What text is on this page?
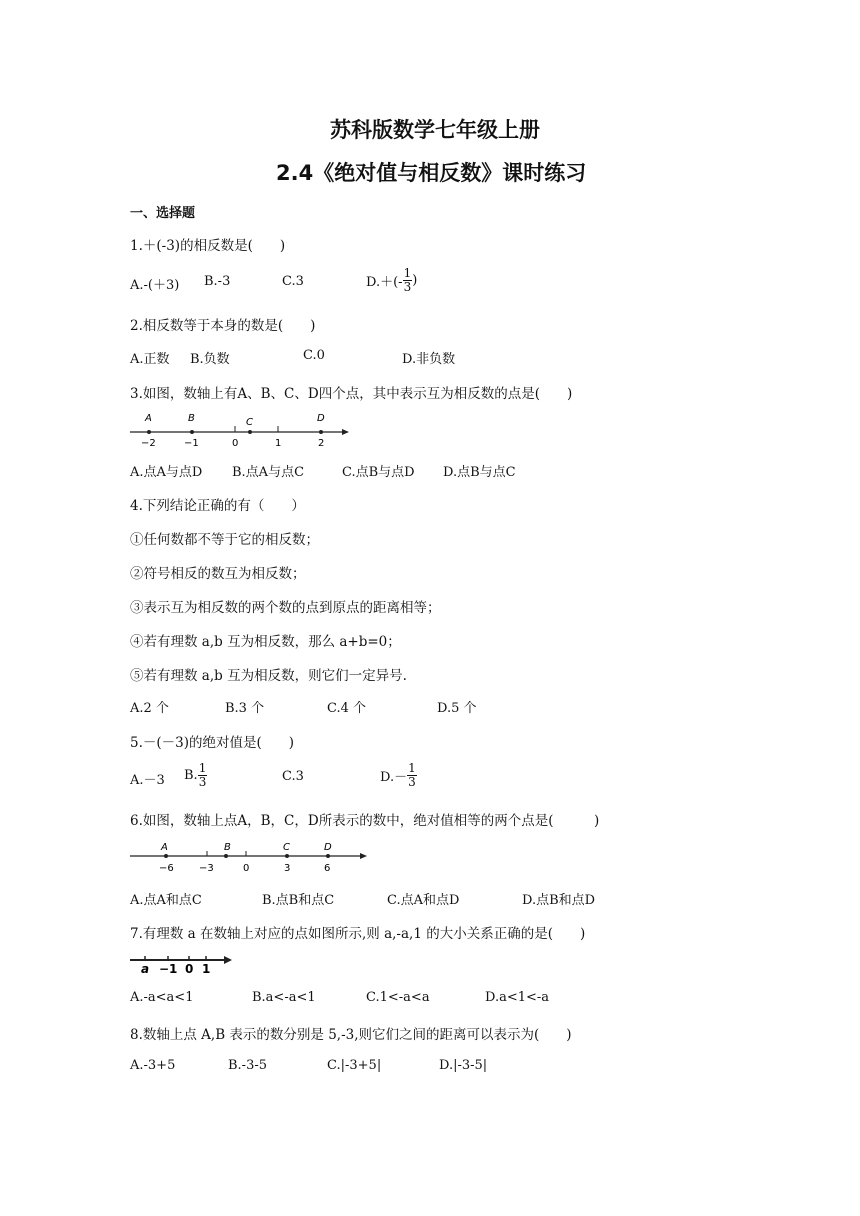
苏科版数学七年级上册
2.4《绝对值与相反数》课时练习
一、选择题
1.＋(-3)的相反数是(　　)
A.-(＋3) B.-3	C.3	$D.+(- \frac{1}{3}$ )
2.相反数等于本身的数是(　　)
A.正数 B.负数	C.0	D.非负数
3.如图，数轴上有A、B、C、D四个点，其中表示互为相反数的点是(　　)
A	B	C	D
−2	−1	0	1	2
A.点A与点D B.点A与点C	C.点B与点D D.点B与点C
4.下列结论正确的有（　　）
①任何数都不等于它的相反数；
②符号相反的数互为相反数；
③表示互为相反数的两个数的点到原点的距离相等；
④若有理数 a,b 互为相反数，那么 a+b=0；
⑤若有理数 a,b 互为相反数，则它们一定异号.
A.2 个	B.3 个	C.4 个	D.5 个
5.－(－3)的绝对值是(　　)
A.－3 B. $\frac{1}{3}$	C.3	$D.- \frac{1}{3}$
6.如图，数轴上点A，B，C，D所表示的数中，绝对值相等的两个点是(　　　)
A	B	C	D
−6	−3	0	3	6
A.点A和点C	B.点B和点C	C.点A和点D	D.点B和点D
7.有理数 a 在数轴上对应的点如图所示,则 a,-a,1 的大小关系正确的是(　　)
a −1 0 1
A.-a<a<1	B.a<-a<1	C.1<-a<a	D.a<1<-a
8.数轴上点 A,B 表示的数分别是 5,-3,则它们之间的距离可以表示为(　　)
A.-3+5	B.-3-5	C.|-3+5|	D.|-3-5|
